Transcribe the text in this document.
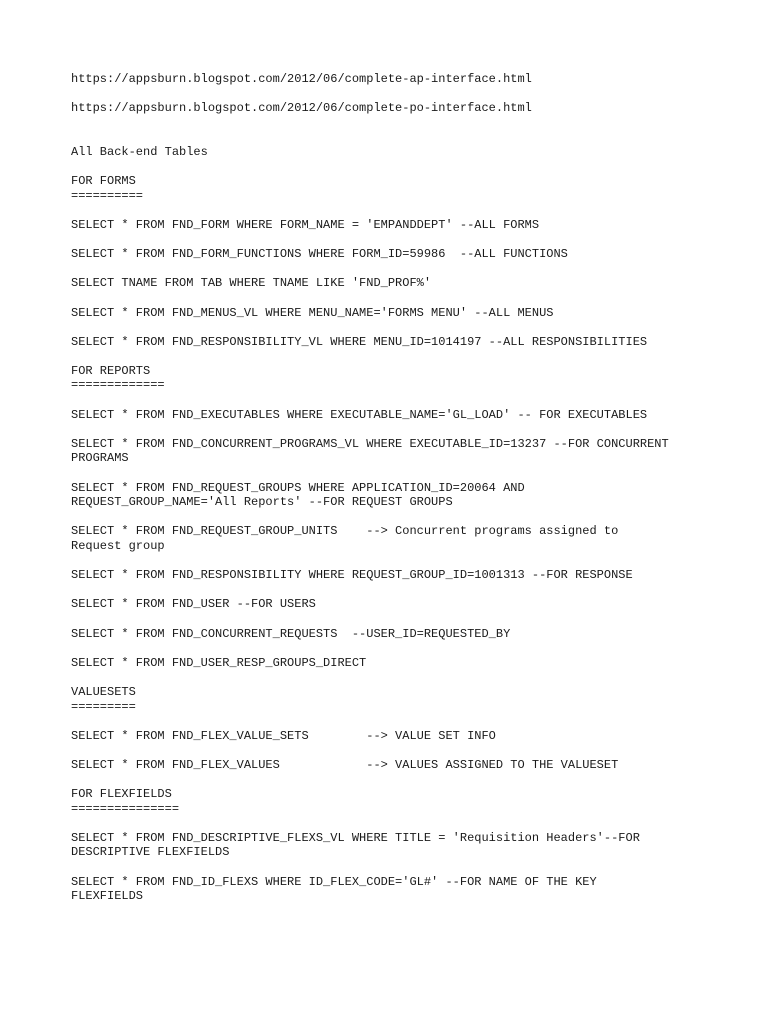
https://appsburn.blogspot.com/2012/06/complete-ap-interface.html
https://appsburn.blogspot.com/2012/06/complete-po-interface.html
All Back-end Tables
FOR FORMS
==========
SELECT * FROM FND_FORM WHERE FORM_NAME = 'EMPANDDEPT' --ALL FORMS
SELECT * FROM FND_FORM_FUNCTIONS WHERE FORM_ID=59986  --ALL FUNCTIONS
SELECT TNAME FROM TAB WHERE TNAME LIKE 'FND_PROF%'
SELECT * FROM FND_MENUS_VL WHERE MENU_NAME='FORMS MENU' --ALL MENUS
SELECT * FROM FND_RESPONSIBILITY_VL WHERE MENU_ID=1014197 --ALL RESPONSIBILITIES
FOR REPORTS
=============
SELECT * FROM FND_EXECUTABLES WHERE EXECUTABLE_NAME='GL_LOAD' -- FOR EXECUTABLES
SELECT * FROM FND_CONCURRENT_PROGRAMS_VL WHERE EXECUTABLE_ID=13237 --FOR CONCURRENT
PROGRAMS
SELECT * FROM FND_REQUEST_GROUPS WHERE APPLICATION_ID=20064 AND
REQUEST_GROUP_NAME='All Reports' --FOR REQUEST GROUPS
SELECT * FROM FND_REQUEST_GROUP_UNITS    --> Concurrent programs assigned to
Request group
SELECT * FROM FND_RESPONSIBILITY WHERE REQUEST_GROUP_ID=1001313 --FOR RESPONSE
SELECT * FROM FND_USER --FOR USERS
SELECT * FROM FND_CONCURRENT_REQUESTS  --USER_ID=REQUESTED_BY
SELECT * FROM FND_USER_RESP_GROUPS_DIRECT
VALUESETS
=========
SELECT * FROM FND_FLEX_VALUE_SETS        --> VALUE SET INFO
SELECT * FROM FND_FLEX_VALUES            --> VALUES ASSIGNED TO THE VALUESET
FOR FLEXFIELDS
===============
SELECT * FROM FND_DESCRIPTIVE_FLEXS_VL WHERE TITLE = 'Requisition Headers'--FOR
DESCRIPTIVE FLEXFIELDS
SELECT * FROM FND_ID_FLEXS WHERE ID_FLEX_CODE='GL#' --FOR NAME OF THE KEY
FLEXFIELDS
